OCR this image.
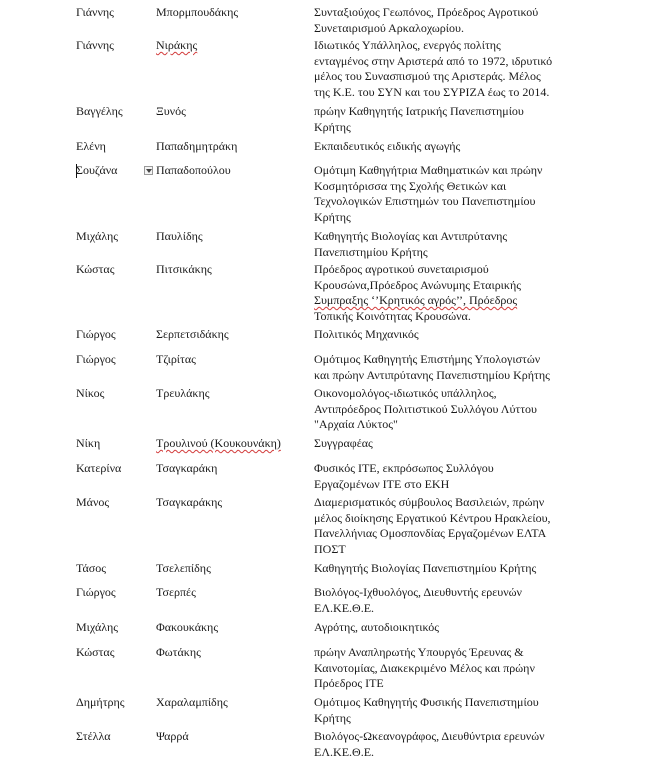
Γιάννης	Μπορμπουδάκης	Συνταξιούχος Γεωπόνος, Πρόεδρος Αγροτικού
Συνεταιρισμού Αρκαλοχωρίου.
Γιάννης	Νιράκης	Ιδιωτικός Υπάλληλος, ενεργός πολίτης
ενταγμένος στην Αριστερά από το 1972, ιδρυτικό
μέλος του Συνασπισμού της Αριστεράς. Μέλος
της Κ.Ε. του ΣΥΝ και του ΣΥΡΙΖΑ έως το 2014.
Βαγγέλης	Ξυνός	πρώην Καθηγητής Ιατρικής Πανεπιστημίου
Κρήτης
Ελένη	Παπαδημητράκη	Εκπαιδευτικός ειδικής αγωγής
Σουζάνα	Παπαδοπούλου	Ομότιμη Καθηγήτρια Μαθηματικών και πρώην
Κοσμητόρισσα της Σχολής Θετικών και
Τεχνολογικών Επιστημών του Πανεπιστημίου
Κρήτης
Μιχάλης	Παυλίδης	Καθηγητής Βιολογίας και Αντιπρύτανης
Πανεπιστημίου Κρήτης
Κώστας	Πιτσικάκης	Πρόεδρος αγροτικού συνεταιρισμού
Κρουσώνα,Πρόεδρος Ανώνυμης Εταιρικής
Συμπραξης ‘’Κρητικός αγρός’’, Πρόεδρος
Τοπικής Κοινότητας Κρουσώνα.
Γιώργος	Σερπετσιδάκης	Πολιτικός Μηχανικός
Γιώργος	Τζιρίτας	Ομότιμος Καθηγητής Επιστήμης Υπολογιστών
και πρώην Αντιπρύτανης Πανεπιστημίου Κρήτης
Νίκος	Τρευλάκης	Οικονομολόγος-ιδιωτικός υπάλληλος,
Αντιπρόεδρος Πολιτιστικού Συλλόγου Λύττου
"Αρχαία Λύκτος"
Νίκη	Τρουλινού (Κουκουνάκη)	Συγγραφέας
Κατερίνα	Τσαγκαράκη	Φυσικός ΙΤΕ, εκπρόσωπος Συλλόγου
Εργαζομένων ΙΤΕ στο ΕΚΗ
Μάνος	Τσαγκαράκης	Διαμερισματικός σύμβουλος Βασιλειών, πρώην
μέλος διοίκησης Εργατικού Κέντρου Ηρακλείου,
Πανελλήνιας Ομοσπονδίας Εργαζομένων ΕΛΤΑ
ΠΟΣΤ
Τάσος	Τσελεπίδης	Καθηγητής Βιολογίας Πανεπιστημίου Κρήτης
Γιώργος	Τσερπές	Βιολόγος-Ιχθυολόγος, Διευθυντής ερευνών
ΕΛ.ΚΕ.Θ.Ε.
Μιχάλης	Φακουκάκης	Αγρότης, αυτοδιοικητικός
Κώστας	Φωτάκης	πρώην Αναπληρωτής Υπουργός Έρευνας &
Καινοτομίας, Διακεκριμένο Μέλος και πρώην
Πρόεδρος ΙΤΕ
Δημήτρης	Χαραλαμπίδης	Ομότιμος Καθηγητής Φυσικής Πανεπιστημίου
Κρήτης
Στέλλα	Ψαρρά	Βιολόγος-Ωκεανογράφος, Διευθύντρια ερευνών
ΕΛ.ΚΕ.Θ.Ε.
